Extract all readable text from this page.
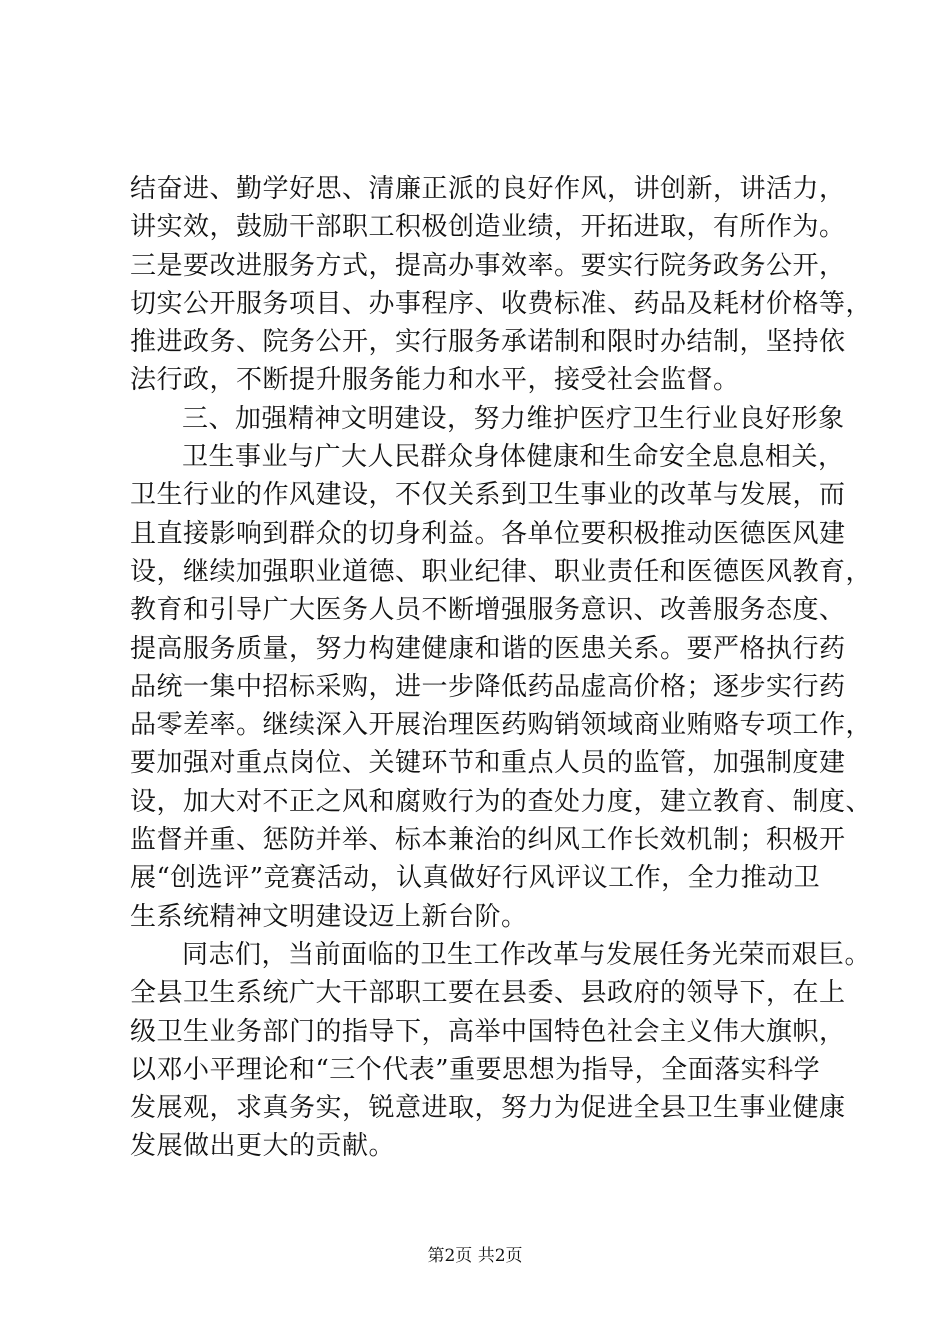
结奋进、勤学好思、清廉正派的良好作风，讲创新，讲活力，
讲实效，鼓励干部职工积极创造业绩，开拓进取，有所作为。
三是要改进服务方式，提高办事效率。要实行院务政务公开，
切实公开服务项目、办事程序、收费标准、药品及耗材价格等，
推进政务、院务公开，实行服务承诺制和限时办结制，坚持依
法行政，不断提升服务能力和水平，接受社会监督。
三、加强精神文明建设，努力维护医疗卫生行业良好形象
卫生事业与广大人民群众身体健康和生命安全息息相关，
卫生行业的作风建设，不仅关系到卫生事业的改革与发展，而
且直接影响到群众的切身利益。各单位要积极推动医德医风建
设，继续加强职业道德、职业纪律、职业责任和医德医风教育，
教育和引导广大医务人员不断增强服务意识、改善服务态度、
提高服务质量，努力构建健康和谐的医患关系。要严格执行药
品统一集中招标采购，进一步降低药品虚高价格；逐步实行药
品零差率。继续深入开展治理医药购销领域商业贿赂专项工作，
要加强对重点岗位、关键环节和重点人员的监管，加强制度建
设，加大对不正之风和腐败行为的查处力度，建立教育、制度、
监督并重、惩防并举、标本兼治的纠风工作长效机制；积极开
展“创选评”竞赛活动，认真做好行风评议工作，全力推动卫
生系统精神文明建设迈上新台阶。
同志们，当前面临的卫生工作改革与发展任务光荣而艰巨。
全县卫生系统广大干部职工要在县委、县政府的领导下，在上
级卫生业务部门的指导下，高举中国特色社会主义伟大旗帜，
以邓小平理论和“三个代表”重要思想为指导，全面落实科学
发展观，求真务实，锐意进取，努力为促进全县卫生事业健康
发展做出更大的贡献。
第2页 共2页
